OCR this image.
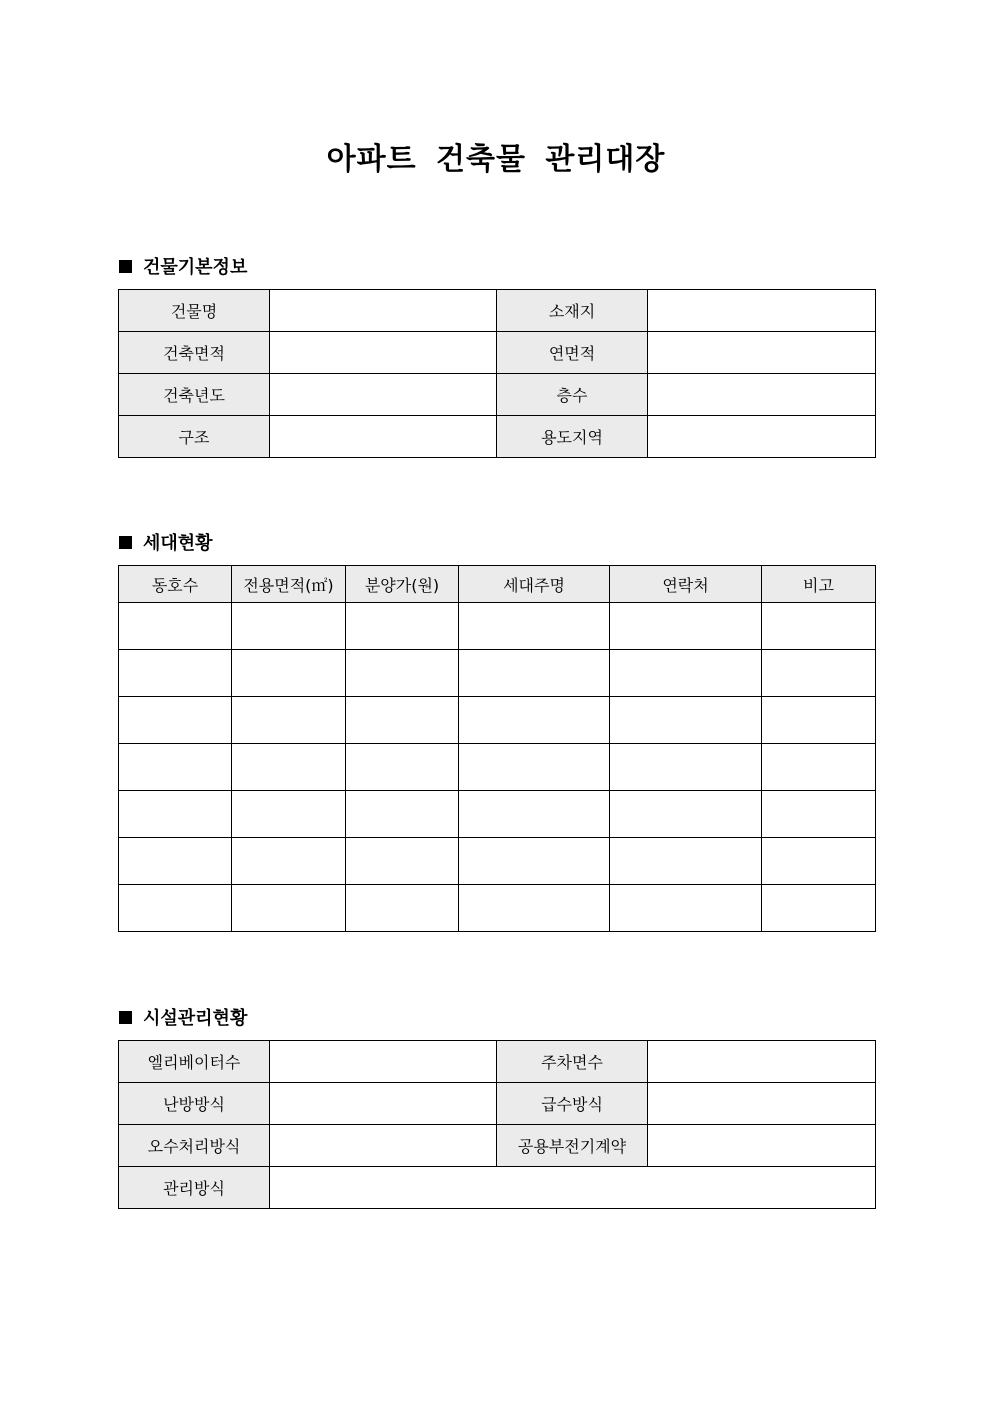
아파트 건축물 관리대장
건물기본정보
건물명		소재지	
건축면적		연면적	
건축년도		층수	
구조		용도지역	
세대현황
동호수	전용면적(㎡)	분양가(원)	세대주명	연락처	비고

시설관리현황
엘리베이터수		주차면수	
난방방식		급수방식	
오수처리방식		공용부전기계약	
관리방식			
